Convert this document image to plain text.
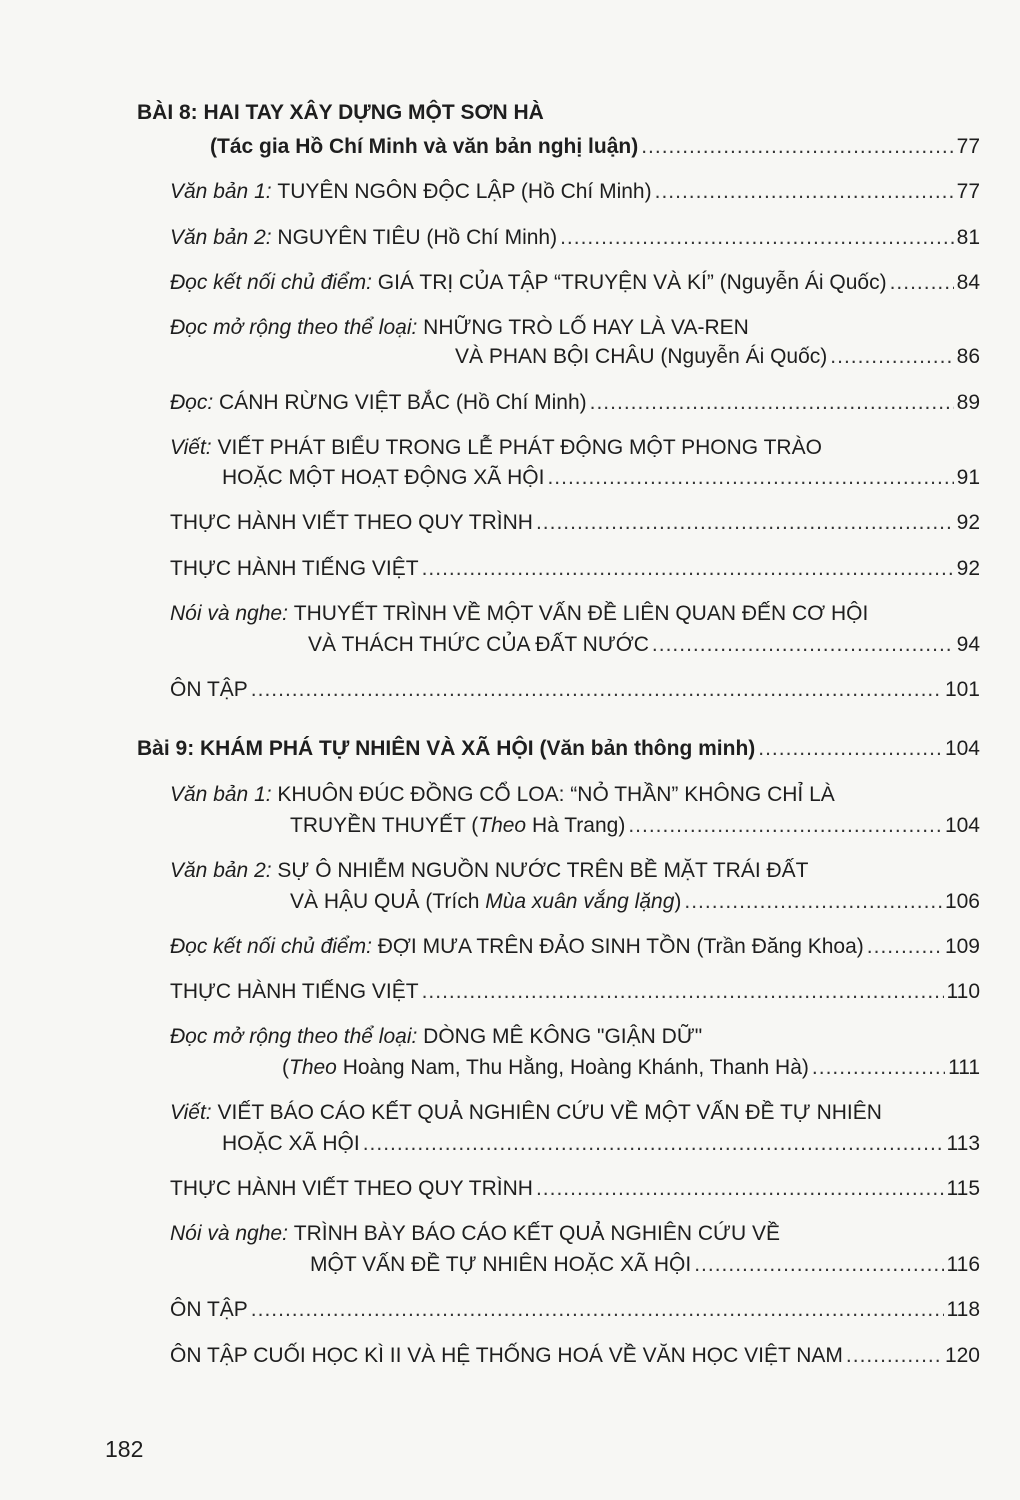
BÀI 8: HAI TAY XÂY DỰNG MỘT SƠN HÀ
(Tác gia Hồ Chí Minh và văn bản nghị luận) .....	77
Văn bản 1: TUYÊN NGÔN ĐỘC LẬP (Hồ Chí Minh) .....	77
Văn bản 2: NGUYÊN TIÊU (Hồ Chí Minh) .....	81
Đọc kết nối chủ điểm: GIÁ TRỊ CỦA TẬP “TRUYỆN VÀ KÍ” (Nguyễn Ái Quốc) .....	84
Đọc mở rộng theo thể loại: NHỮNG TRÒ LỐ HAY LÀ VA-REN
VÀ PHAN BỘI CHÂU (Nguyễn Ái Quốc) .....	86
Đọc: CÁNH RỪNG VIỆT BẮC (Hồ Chí Minh) .....	89
Viết: VIẾT PHÁT BIỂU TRONG LỄ PHÁT ĐỘNG MỘT PHONG TRÀO
HOẶC MỘT HOẠT ĐỘNG XÃ HỘI .....	91
THỰC HÀNH VIẾT THEO QUY TRÌNH .....	92
THỰC HÀNH TIẾNG VIỆT .....	92
Nói và nghe: THUYẾT TRÌNH VỀ MỘT VẤN ĐỀ LIÊN QUAN ĐẾN CƠ HỘI
VÀ THÁCH THỨC CỦA ĐẤT NƯỚC .....	94
ÔN TẬP .....	101
Bài 9: KHÁM PHÁ TỰ NHIÊN VÀ XÃ HỘI (Văn bản thông minh) .....	104
Văn bản 1: KHUÔN ĐÚC ĐỒNG CỔ LOA: “NỎ THẦN” KHÔNG CHỈ LÀ
TRUYỀN THUYẾT (Theo Hà Trang) .....	104
Văn bản 2: SỰ Ô NHIỄM NGUỒN NƯỚC TRÊN BỀ MẶT TRÁI ĐẤT
VÀ HẬU QUẢ (Trích Mùa xuân vắng lặng) .....	106
Đọc kết nối chủ điểm: ĐỢI MƯA TRÊN ĐẢO SINH TỒN (Trần Đăng Khoa) .....	109
THỰC HÀNH TIẾNG VIỆT .....	110
Đọc mở rộng theo thể loại: DÒNG MÊ KÔNG "GIẬN DỮ"
(Theo Hoàng Nam, Thu Hằng, Hoàng Khánh, Thanh Hà) .....	111
Viết: VIẾT BÁO CÁO KẾT QUẢ NGHIÊN CỨU VỀ MỘT VẤN ĐỀ TỰ NHIÊN
HOẶC XÃ HỘI .....	113
THỰC HÀNH VIẾT THEO QUY TRÌNH .....	115
Nói và nghe: TRÌNH BÀY BÁO CÁO KẾT QUẢ NGHIÊN CỨU VỀ
MỘT VẤN ĐỀ TỰ NHIÊN HOẶC XÃ HỘI .....	116
ÔN TẬP .....	118
ÔN TẬP CUỐI HỌC KÌ II VÀ HỆ THỐNG HOÁ VỀ VĂN HỌC VIỆT NAM .....	120
182
